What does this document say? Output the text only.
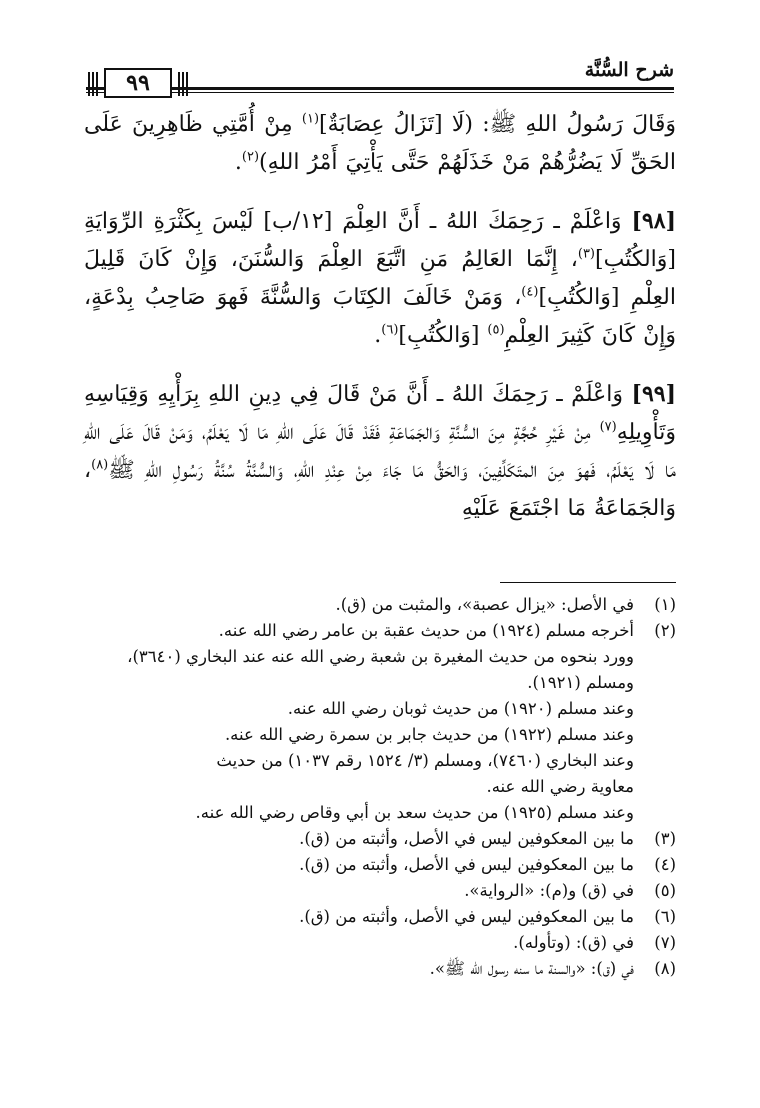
شرح السُّنَّة
٩٩

وَقَالَ رَسُولُ اللهِ ﷺ: (لَا [تَزَالُ عِصَابَةٌ]$^{(١)}$ مِنْ أُمَّتِي ظَاهِرِينَ عَلَى الحَقِّ لَا يَضُرُّهُمْ مَنْ خَذَلَهُمْ حَتَّى يَأْتِيَ أَمْرُ اللهِ)$^{(٢)}$.

[٩٨] وَاعْلَمْ ـ رَحِمَكَ اللهُ ـ أَنَّ العِلْمَ [١٢/ب] لَيْسَ بِكَثْرَةِ الرِّوَايَةِ [وَالكُتُبِ]$^{(٣)}$، إِنَّمَا العَالِمُ مَنِ اتَّبَعَ العِلْمَ وَالسُّنَنَ، وَإِنْ كَانَ قَلِيلَ العِلْمِ [وَالكُتُبِ]$^{(٤)}$، وَمَنْ خَالَفَ الكِتَابَ وَالسُّنَّةَ فَهوَ صَاحِبُ بِدْعَةٍ، وَإِنْ كَانَ كَثِيرَ العِلْمِ$^{(٥)}$ [وَالكُتُبِ]$^{(٦)}$.

[٩٩] وَاعْلَمْ ـ رَحِمَكَ اللهُ ـ أَنَّ مَنْ قَالَ فِي دِينِ اللهِ بِرَأْيِهِ وَقِيَاسِهِ وَتَأْوِيلِهِ$^{(٧)}$ مِنْ غَيْرِ حُجَّةٍ مِنَ السُّنَّةِ وَالجَمَاعَةِ فَقَدْ قَالَ عَلَى اللهِ مَا لَا يَعْلَمُ، وَمَنْ قَالَ عَلَى اللهِ مَا لَا يَعْلَمُ، فَهوَ مِنَ المتَكَلِّفِينَ، وَالحَقُّ مَا جَاءَ مِنْ عِنْدِ اللهِ، وَالسُّنَّةُ سُنَّةُ رَسُولِ اللهِ ﷺ$^{(٨)}$، وَالجَمَاعَةُ مَا اجْتَمَعَ عَلَيْهِ

(١)
في الأصل: «يزال عصبة»، والمثبت من (ق).
(٢)
أخرجه مسلم (١٩٢٤) من حديث عقبة بن عامر رضي الله عنه.
وورد بنحوه من حديث المغيرة بن شعبة رضي الله عنه عند البخاري (٣٦٤٠)،
ومسلم (١٩٢١).
وعند مسلم (١٩٢٠) من حديث ثوبان رضي الله عنه.
وعند مسلم (١٩٢٢) من حديث جابر بن سمرة رضي الله عنه.
وعند البخاري (٧٤٦٠)، ومسلم (٣/ ١٥٢٤ رقم ١٠٣٧) من حديث
معاوية رضي الله عنه.
وعند مسلم (١٩٢٥) من حديث سعد بن أبي وقاص رضي الله عنه.
(٣)
ما بين المعكوفين ليس في الأصل، وأثبته من (ق).
(٤)
ما بين المعكوفين ليس في الأصل، وأثبته من (ق).
(٥)
في (ق) و(م): «الرواية».
(٦)
ما بين المعكوفين ليس في الأصل، وأثبته من (ق).
(٧)
في (ق): (وتأوله).
(٨)
في (ق): «والسنة ما سنه رسول الله ﷺ».
